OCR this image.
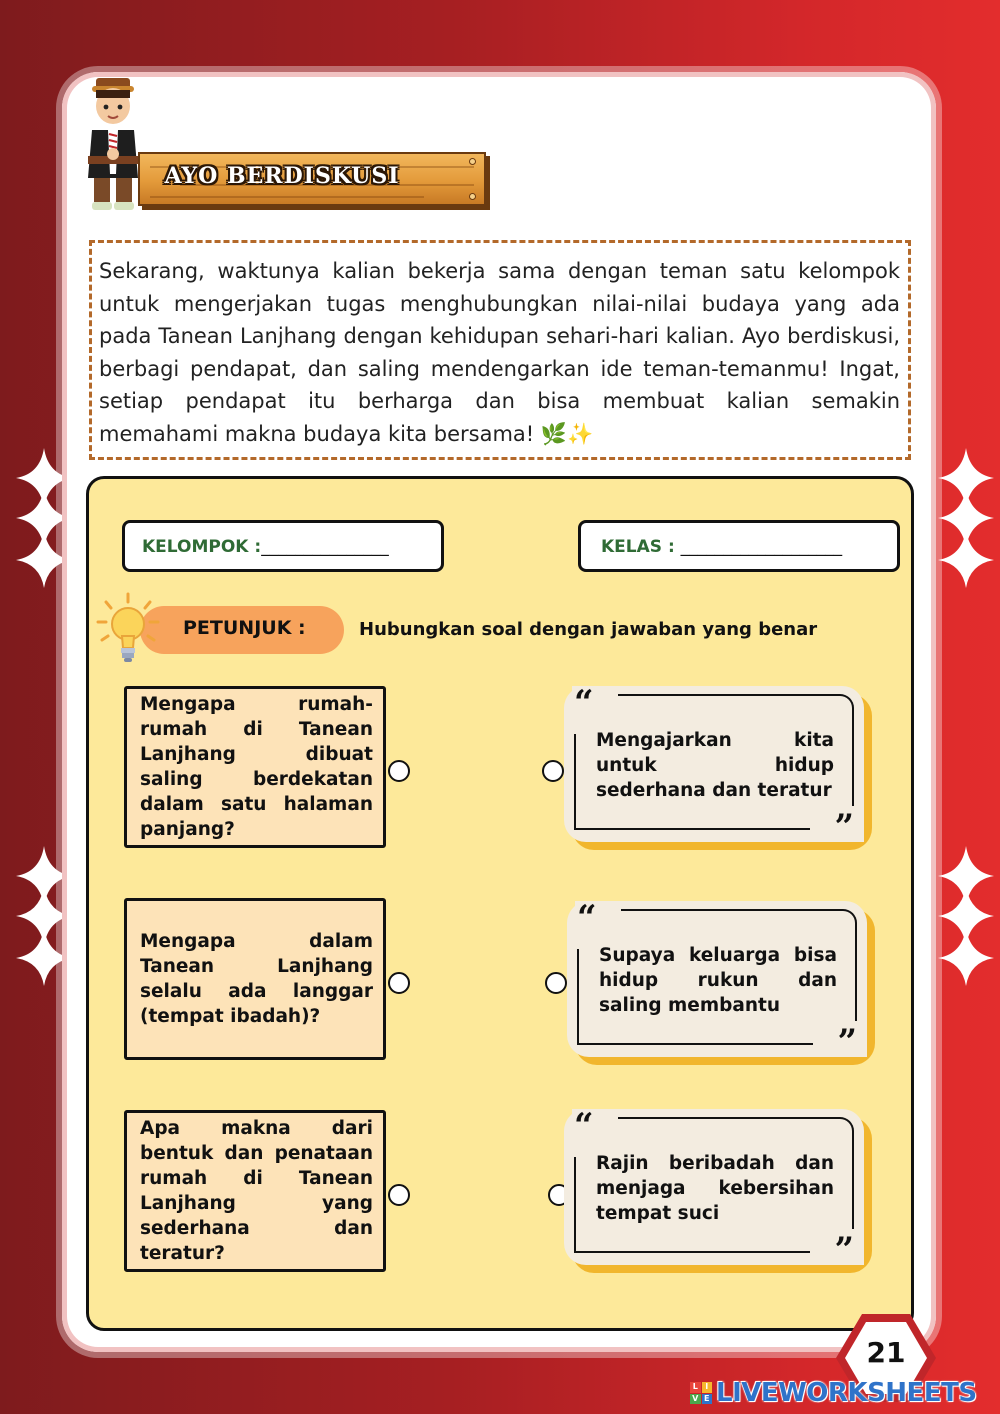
AYO BERDISKUSI
Sekarang, waktunya kalian bekerja sama dengan teman satu kelompok untuk mengerjakan tugas menghubungkan nilai-nilai budaya yang ada pada Tanean Lanjhang dengan kehidupan sehari-hari kalian. Ayo berdiskusi, berbagi pendapat, dan saling mendengarkan ide teman-temanmu! Ingat, setiap pendapat itu berharga dan bisa membuat kalian semakin memahami makna budaya kita bersama! 🌿✨
KELOMPOK :_______________	KELAS : ___________________
PETUNJUK :	Hubungkan soal dengan jawaban yang benar
Mengapa rumah-rumah di Tanean Lanjhang dibuat saling berdekatan dalam satu halaman panjang?
Mengapa dalam Tanean Lanjhang selalu ada langgar (tempat ibadah)?
Apa makna dari bentuk dan penataan rumah di Tanean Lanjhang yang sederhana dan teratur?
“
”
Mengajarkan kita untuk hidup sederhana dan teratur
“
”
Supaya keluarga bisa hidup rukun dan saling membantu
“
”
Rajin beribadah dan menjaga kebersihan tempat suci
21
L I
V E LIVEWORKSHEETS
